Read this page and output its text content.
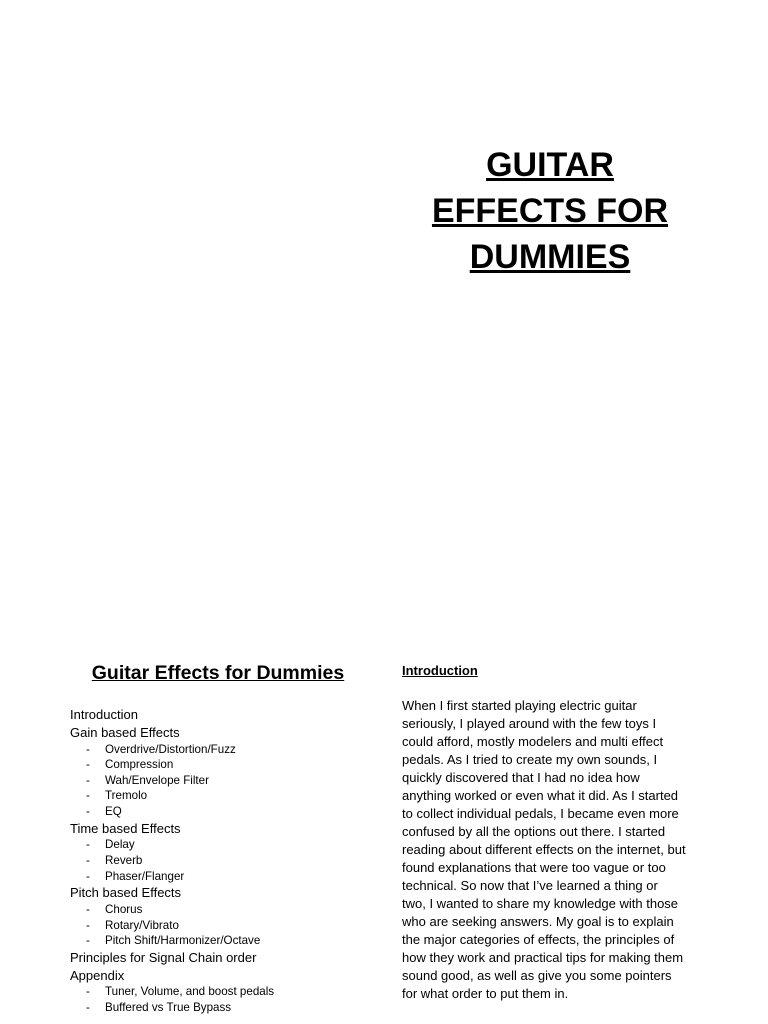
GUITAR
EFFECTS FOR
DUMMIES
Guitar Effects for Dummies
Introduction
Gain based Effects
- Overdrive/Distortion/Fuzz
- Compression
- Wah/Envelope Filter
- Tremolo
- EQ
Time based Effects
- Delay
- Reverb
- Phaser/Flanger
Pitch based Effects
- Chorus
- Rotary/Vibrato
- Pitch Shift/Harmonizer/Octave
Principles for Signal Chain order
Appendix
- Tuner, Volume, and boost pedals
- Buffered vs True Bypass
Introduction
When I first started playing electric guitar
seriously, I played around with the few toys I
could afford, mostly modelers and multi effect
pedals. As I tried to create my own sounds, I
quickly discovered that I had no idea how
anything worked or even what it did. As I started
to collect individual pedals, I became even more
confused by all the options out there. I started
reading about different effects on the internet, but
found explanations that were too vague or too
technical. So now that I’ve learned a thing or
two, I wanted to share my knowledge with those
who are seeking answers. My goal is to explain
the major categories of effects, the principles of
how they work and practical tips for making them
sound good, as well as give you some pointers
for what order to put them in.
